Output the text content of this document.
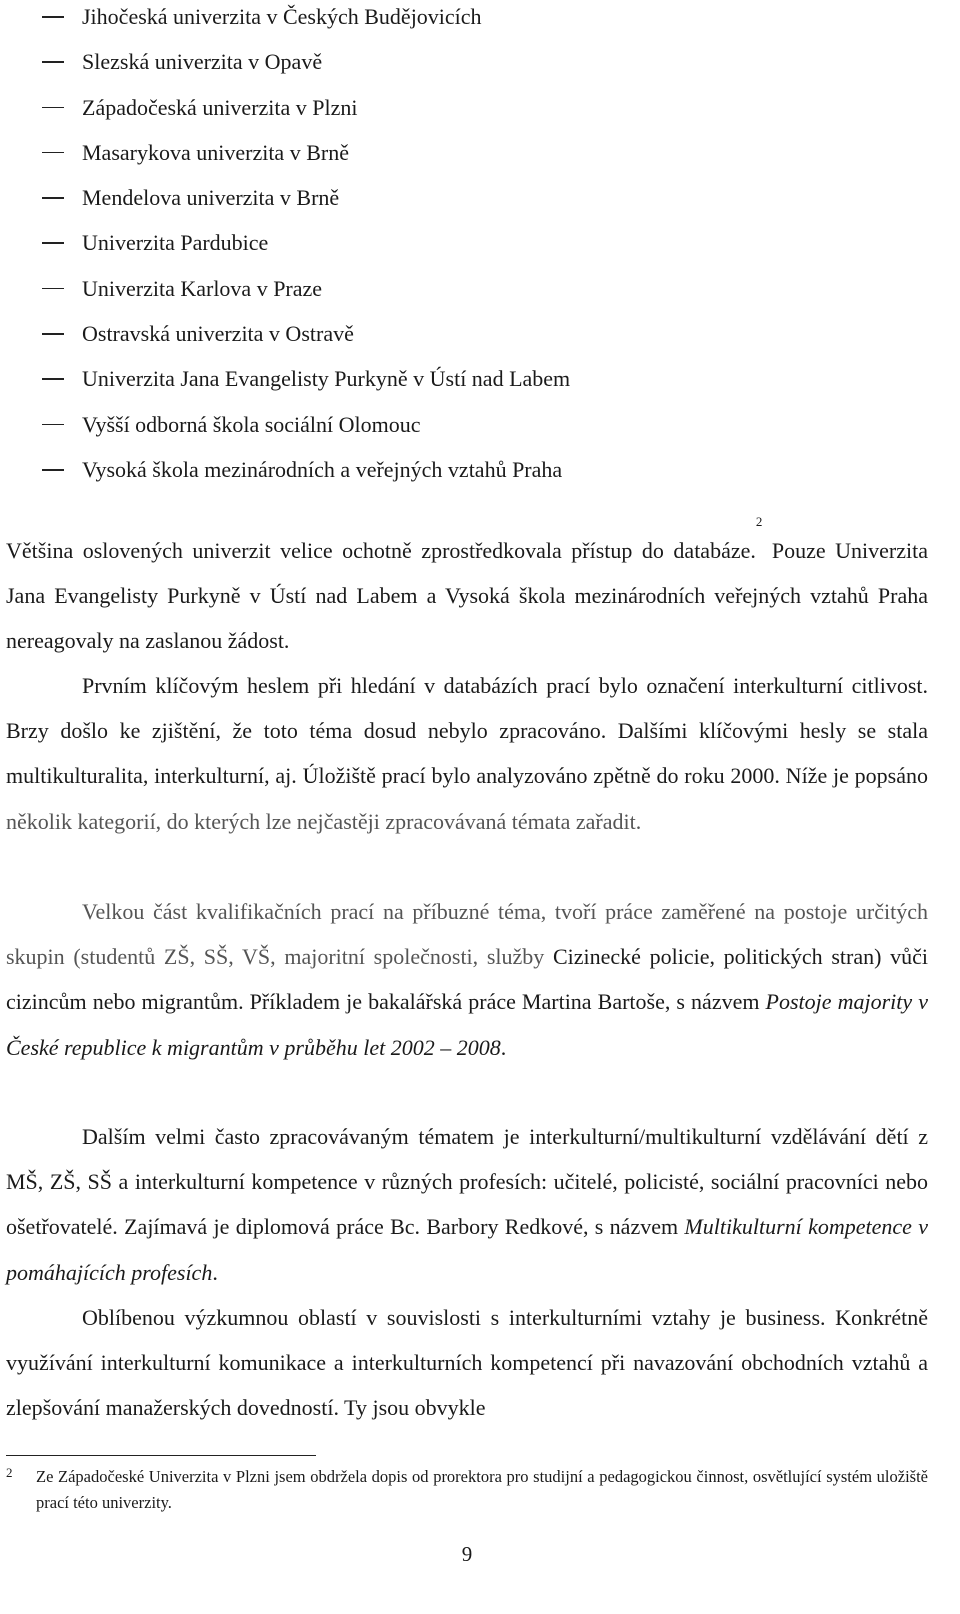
Jihočeská univerzita v Českých Budějovicích
Slezská univerzita v Opavě
Západočeská univerzita v Plzni
Masarykova univerzita v Brně
Mendelova univerzita v Brně
Univerzita Pardubice
Univerzita Karlova v Praze
Ostravská univerzita v Ostravě
Univerzita Jana Evangelisty Purkyně v Ústí nad Labem
Vyšší odborná škola sociální Olomouc
Vysoká škola mezinárodních a veřejných vztahů Praha

Většina oslovených univerzit velice ochotně zprostředkovala přístup do databáze.$^2$ Pouze Univerzita Jana Evangelisty Purkyně v Ústí nad Labem a Vysoká škola mezinárodních veřejných vztahů Praha nereagovaly na zaslanou žádost.

Prvním klíčovým heslem při hledání v databázích prací bylo označení interkulturní citlivost. Brzy došlo ke zjištění, že toto téma dosud nebylo zpracováno. Dalšími klíčovými hesly se stala multikulturalita, interkulturní, aj. Úložiště prací bylo analyzováno zpětně do roku 2000. Níže je popsáno několik kategorií, do kterých lze nejčastěji zpracovávaná témata zařadit.

Velkou část kvalifikačních prací na příbuzné téma, tvoří práce zaměřené na postoje určitých skupin (studentů ZŠ, SŠ, VŠ, majoritní společnosti, služby Cizinecké policie, politických stran) vůči cizincům nebo migrantům. Příkladem je bakalářská práce Martina Bartoše, s názvem Postoje majority v České republice k migrantům v průběhu let 2002 – 2008.

Dalším velmi často zpracovávaným tématem je interkulturní/multikulturní vzdělávání dětí z MŠ, ZŠ, SŠ a interkulturní kompetence v různých profesích: učitelé, policisté, sociální pracovníci nebo ošetřovatelé. Zajímavá je diplomová práce Bc. Barbory Redkové, s názvem Multikulturní kompetence v pomáhajících profesích.

Oblíbenou výzkumnou oblastí v souvislosti s interkulturními vztahy je business. Konkrétně využívání interkulturní komunikace a interkulturních kompetencí při navazování obchodních vztahů a zlepšování manažerských dovedností. Ty jsou obvykle

2 Ze Západočeské Univerzita v Plzni jsem obdržela dopis od prorektora pro studijní a pedagogickou činnost, osvětlující systém uložiště prací této univerzity.
9
